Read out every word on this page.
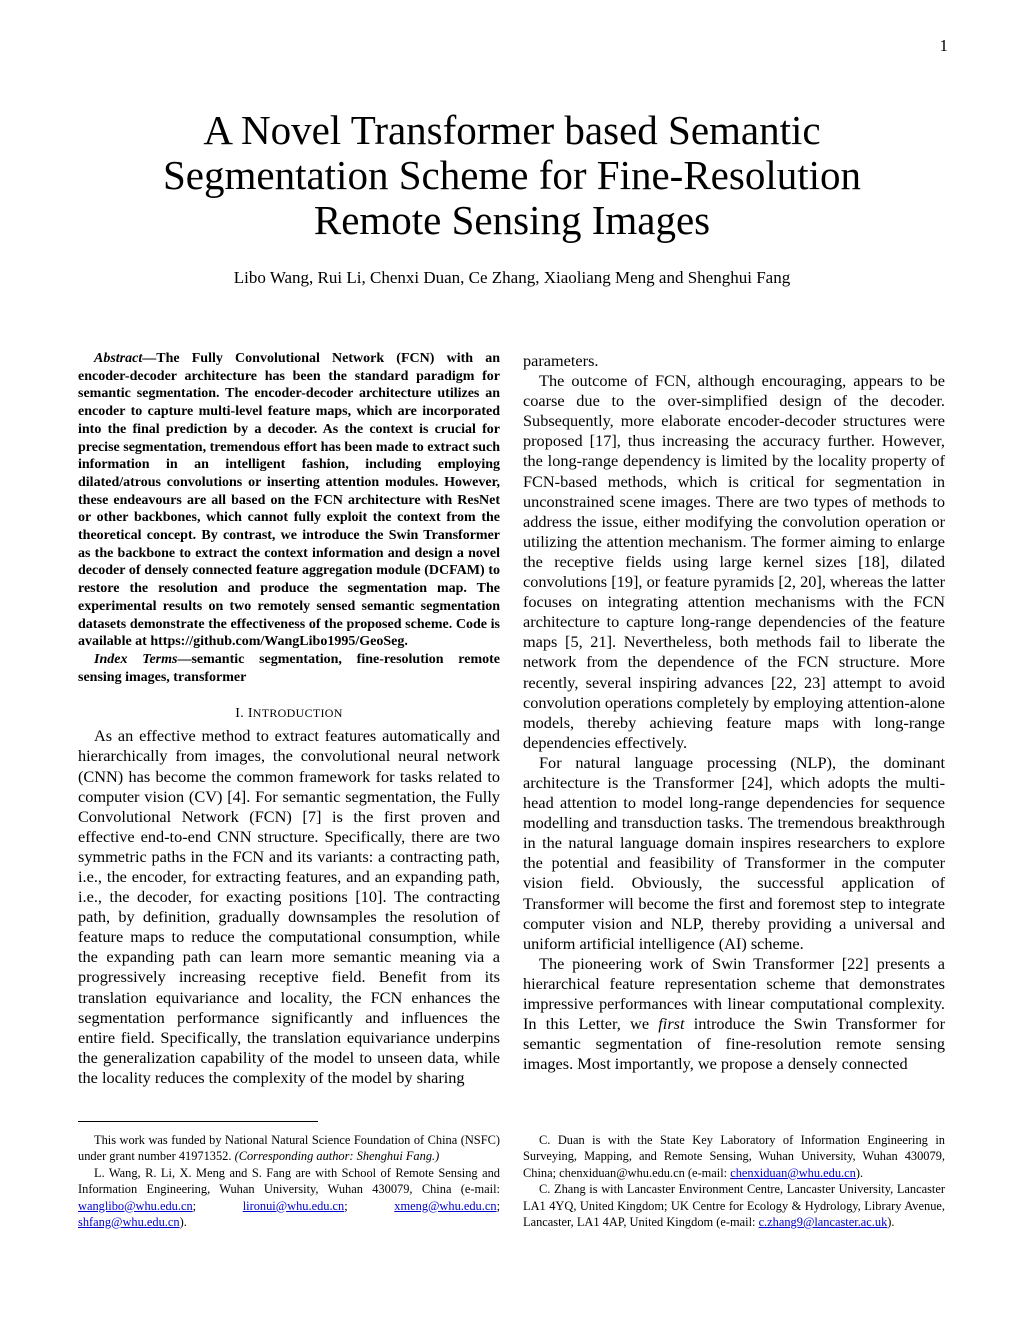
1
A Novel Transformer based Semantic
Segmentation Scheme for Fine-Resolution
Remote Sensing Images

Libo Wang, Rui Li, Chenxi Duan, Ce Zhang, Xiaoliang Meng and Shenghui Fang

Abstract—The Fully Convolutional Network (FCN) with an encoder-decoder architecture has been the standard paradigm for semantic segmentation. The encoder-decoder architecture utilizes an encoder to capture multi-level feature maps, which are incorporated into the final prediction by a decoder. As the context is crucial for precise segmentation, tremendous effort has been made to extract such information in an intelligent fashion, including employing dilated/atrous convolutions or inserting attention modules. However, these endeavours are all based on the FCN architecture with ResNet or other backbones, which cannot fully exploit the context from the theoretical concept. By contrast, we introduce the Swin Transformer as the backbone to extract the context information and design a novel decoder of densely connected feature aggregation module (DCFAM) to restore the resolution and produce the segmentation map. The experimental results on two remotely sensed semantic segmentation datasets demonstrate the effectiveness of the proposed scheme. Code is available at https://github.com/WangLibo1995/GeoSeg.

Index Terms—semantic segmentation, fine-resolution remote sensing images, transformer

I. INTRODUCTION

As an effective method to extract features automatically and hierarchically from images, the convolutional neural network (CNN) has become the common framework for tasks related to computer vision (CV) [4]. For semantic segmentation, the Fully Convolutional Network (FCN) [7] is the first proven and effective end-to-end CNN structure. Specifically, there are two symmetric paths in the FCN and its variants: a contracting path, i.e., the encoder, for extracting features, and an expanding path, i.e., the decoder, for exacting positions [10]. The contracting path, by definition, gradually downsamples the resolution of feature maps to reduce the computational consumption, while the expanding path can learn more semantic meaning via a progressively increasing receptive field. Benefit from its translation equivariance and locality, the FCN enhances the segmentation performance significantly and influences the entire field. Specifically, the translation equivariance underpins the generalization capability of the model to unseen data, while the locality reduces the complexity of the model by sharing

parameters.

The outcome of FCN, although encouraging, appears to be coarse due to the over-simplified design of the decoder. Subsequently, more elaborate encoder-decoder structures were proposed [17], thus increasing the accuracy further. However, the long-range dependency is limited by the locality property of FCN-based methods, which is critical for segmentation in unconstrained scene images. There are two types of methods to address the issue, either modifying the convolution operation or utilizing the attention mechanism. The former aiming to enlarge the receptive fields using large kernel sizes [18], dilated convolutions [19], or feature pyramids [2, 20], whereas the latter focuses on integrating attention mechanisms with the FCN architecture to capture long-range dependencies of the feature maps [5, 21]. Nevertheless, both methods fail to liberate the network from the dependence of the FCN structure. More recently, several inspiring advances [22, 23] attempt to avoid convolution operations completely by employing attention-alone models, thereby achieving feature maps with long-range dependencies effectively.

For natural language processing (NLP), the dominant architecture is the Transformer [24], which adopts the multi-head attention to model long-range dependencies for sequence modelling and transduction tasks. The tremendous breakthrough in the natural language domain inspires researchers to explore the potential and feasibility of Transformer in the computer vision field. Obviously, the successful application of Transformer will become the first and foremost step to integrate computer vision and NLP, thereby providing a universal and uniform artificial intelligence (AI) scheme.

The pioneering work of Swin Transformer [22] presents a hierarchical feature representation scheme that demonstrates impressive performances with linear computational complexity. In this Letter, we first introduce the Swin Transformer for semantic segmentation of fine-resolution remote sensing images. Most importantly, we propose a densely connected

This work was funded by National Natural Science Foundation of China (NSFC) under grant number 41971352. (Corresponding author: Shenghui Fang.)

L. Wang, R. Li, X. Meng and S. Fang are with School of Remote Sensing and Information Engineering, Wuhan University, Wuhan 430079, China (e-mail: wanglibo@whu.edu.cn; lironui@whu.edu.cn; xmeng@whu.edu.cn; shfang@whu.edu.cn).

C. Duan is with the State Key Laboratory of Information Engineering in Surveying, Mapping, and Remote Sensing, Wuhan University, Wuhan 430079, China; chenxiduan@whu.edu.cn (e-mail: chenxiduan@whu.edu.cn).

C. Zhang is with Lancaster Environment Centre, Lancaster University, Lancaster LA1 4YQ, United Kingdom; UK Centre for Ecology & Hydrology, Library Avenue, Lancaster, LA1 4AP, United Kingdom (e-mail: c.zhang9@lancaster.ac.uk).
